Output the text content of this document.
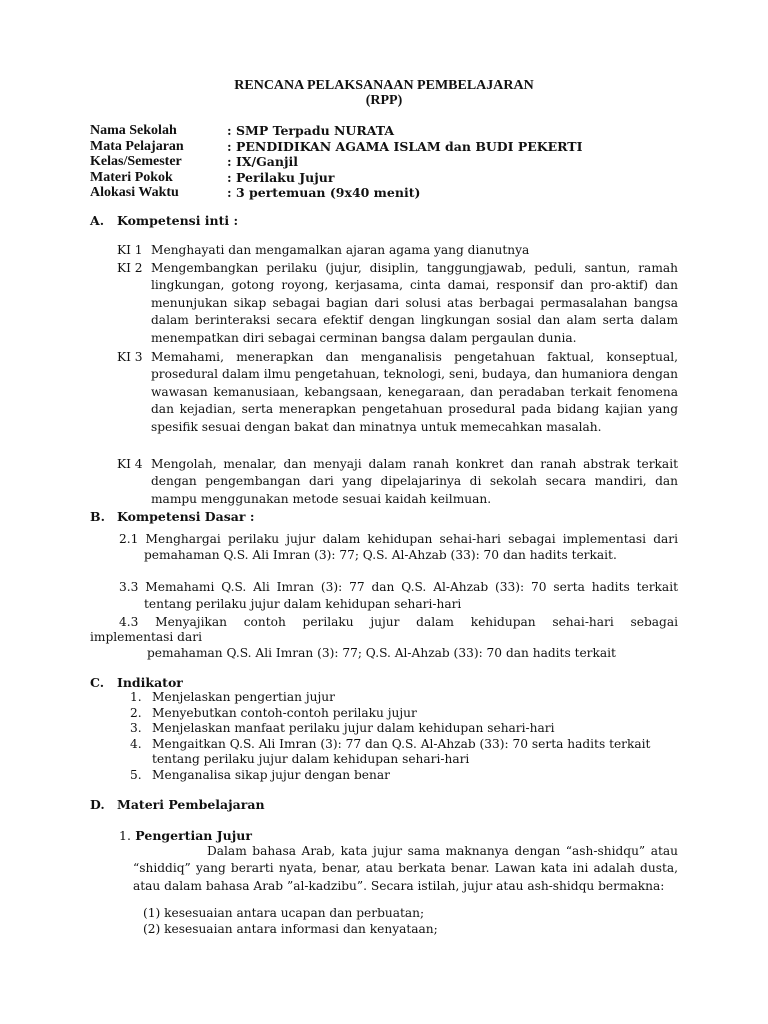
RENCANA PELAKSANAAN PEMBELAJARAN
(RPP)
Nama Sekolah	: SMP Terpadu NURATA
Mata Pelajaran	: PENDIDIKAN AGAMA ISLAM dan BUDI PEKERTI
Kelas/Semester	: IX/Ganjil
Materi Pokok	: Perilaku Jujur
Alokasi Waktu	: 3 pertemuan (9x40 menit)
A. Kompetensi inti :
KI 1 Menghayati dan mengamalkan ajaran agama yang dianutnya
KI 2 Mengembangkan perilaku (jujur, disiplin, tanggungjawab, peduli, santun, ramah lingkungan, gotong royong, kerjasama, cinta damai, responsif dan pro-aktif) dan menunjukan sikap sebagai bagian dari solusi atas berbagai permasalahan bangsa dalam berinteraksi secara efektif dengan lingkungan sosial dan alam serta dalam menempatkan diri sebagai cerminan bangsa dalam pergaulan dunia.
KI 3 Memahami, menerapkan dan menganalisis pengetahuan faktual, konseptual, prosedural dalam ilmu pengetahuan, teknologi, seni, budaya, dan humaniora dengan wawasan kemanusiaan, kebangsaan, kenegaraan, dan peradaban terkait fenomena dan kejadian, serta menerapkan pengetahuan prosedural pada bidang kajian yang spesifik sesuai dengan bakat dan minatnya untuk memecahkan masalah.
KI 4 Mengolah, menalar, dan menyaji dalam ranah konkret dan ranah abstrak terkait dengan pengembangan dari yang dipelajarinya di sekolah secara mandiri, dan mampu menggunakan metode sesuai kaidah keilmuan.
B. Kompetensi Dasar :
2.1 Menghargai perilaku jujur dalam kehidupan sehai-hari sebagai implementasi dari
pemahaman Q.S. Ali Imran (3): 77; Q.S. Al-Ahzab (33): 70 dan hadits terkait.
3.3 Memahami Q.S. Ali Imran (3): 77 dan Q.S. Al-Ahzab (33): 70 serta hadits terkait
tentang perilaku jujur dalam kehidupan sehari-hari
4.3 Menyajikan contoh perilaku jujur dalam kehidupan sehai-hari sebagai
implementasi dari
pemahaman Q.S. Ali Imran (3): 77; Q.S. Al-Ahzab (33): 70 dan hadits terkait
C. Indikator
1. Menjelaskan pengertian jujur
2. Menyebutkan contoh-contoh perilaku jujur
3. Menjelaskan manfaat perilaku jujur dalam kehidupan sehari-hari
4. Mengaitkan Q.S. Ali Imran (3): 77 dan Q.S. Al-Ahzab (33): 70 serta hadits terkait tentang perilaku jujur dalam kehidupan sehari-hari
5. Menganalisa sikap jujur dengan benar
D. Materi Pembelajaran
1. Pengertian Jujur
Dalam bahasa Arab, kata jujur sama maknanya dengan “ash-shidqu” atau “shiddiq” yang berarti nyata, benar, atau berkata benar. Lawan kata ini adalah dusta, atau dalam bahasa Arab ”al-kadzibu”. Secara istilah, jujur atau ash-shidqu bermakna:
(1) kesesuaian antara ucapan dan perbuatan;
(2) kesesuaian antara informasi dan kenyataan;
